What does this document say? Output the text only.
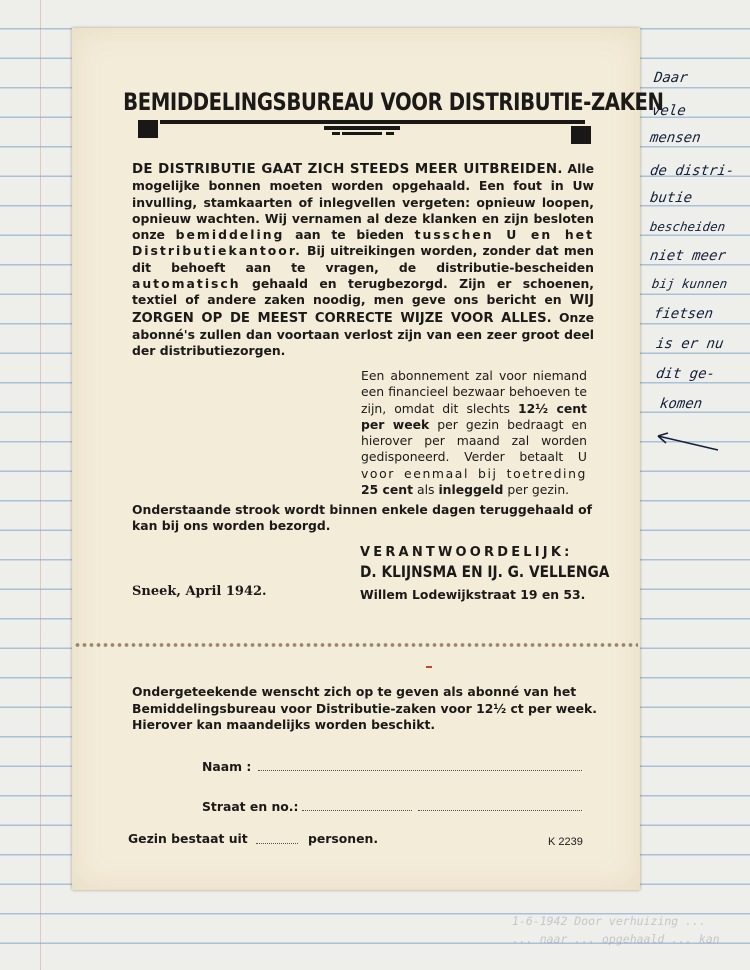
BEMIDDELINGSBUREAU VOOR DISTRIBUTIE-ZAKEN

DE DISTRIBUTIE GAAT ZICH STEEDS MEER UITBREIDEN. Alle mogelijke bonnen moeten worden opgehaald. Een fout in Uw invulling, stamkaarten of inlegvellen vergeten: opnieuw loopen, opnieuw wachten. Wij vernamen al deze klanken en zijn besloten onze bemiddeling aan te bieden tusschen U en het Distributiekantoor. Bij uitreikingen worden, zonder dat men dit behoeft aan te vragen, de distributie-bescheiden automatisch gehaald en terugbezorgd. Zijn er schoenen, textiel of andere zaken noodig, men geve ons bericht en WIJ ZORGEN OP DE MEEST CORRECTE WIJZE VOOR ALLES. Onze abonné's zullen dan voortaan verlost zijn van een zeer groot deel der distributiezorgen.

Een abonnement zal voor niemand een financieel bezwaar behoeven te zijn, omdat dit slechts 12½ cent per week per gezin bedraagt en hierover per maand zal worden gedisponeerd. Verder betaalt U voor eenmaal bij toetreding 25 cent als inleggeld per gezin.

Onderstaande strook wordt binnen enkele dagen teruggehaald of kan bij ons worden bezorgd.

VERANTWOORDELIJK:
D. KLIJNSMA EN IJ. G. VELLENGA
Willem Lodewijkstraat 19 en 53.
Sneek, April 1942.

Ondergeteekende wenscht zich op te geven als abonné van het Bemiddelingsbureau voor Distributie-zaken voor 12½ ct per week. Hierover kan maandelijks worden beschikt.

Naam :
Straat en no.:
Gezin bestaat uit	personen.	K 2239
Daar
vele
mensen
de distri-
butie
bescheiden
niet meer
bij kunnen
fietsen
is er nu
dit ge-
komen
1-6-1942 Door verhuizing ...
... naar ... opgehaald ... kan
